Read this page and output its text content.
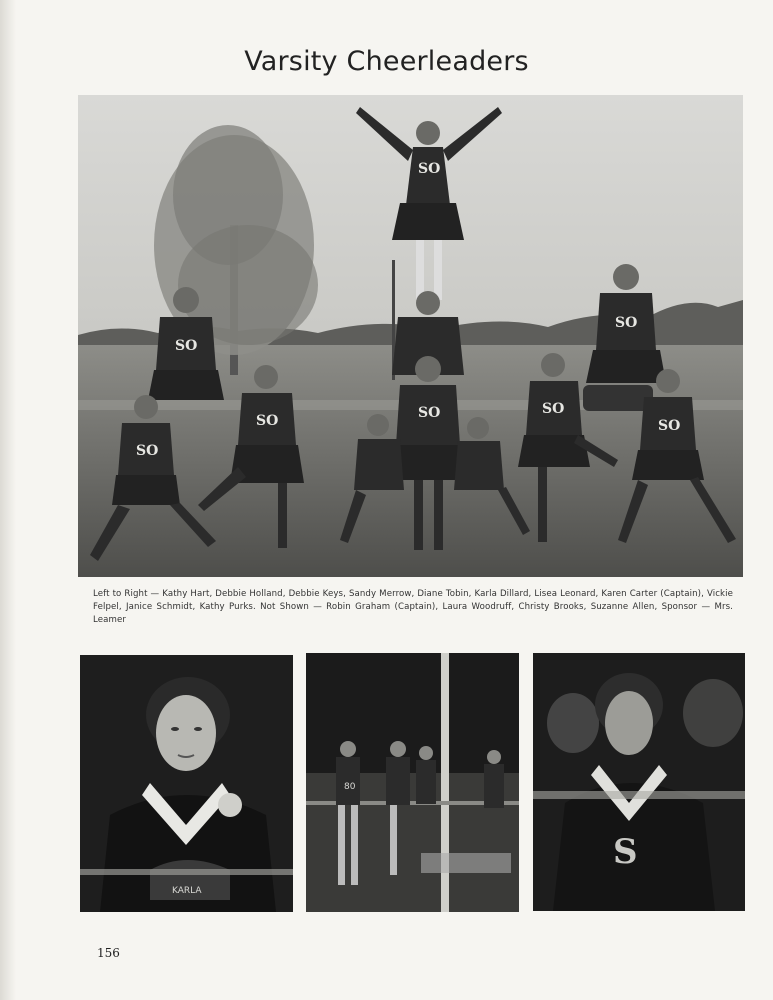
Varsity Cheerleaders
SO
SO
SO
SO
SO
SO
SO
SO
Left to Right — Kathy Hart, Debbie Holland, Debbie Keys, Sandy Merrow, Diane Tobin, Karla Dillard, Lisea Leonard, Karen Carter (Captain), Vickie Felpel, Janice Schmidt, Kathy Purks. Not Shown — Robin Graham (Captain), Laura Woodruff, Christy Brooks, Suzanne Allen, Sponsor — Mrs. Leamer
KARLA
80
S
156
